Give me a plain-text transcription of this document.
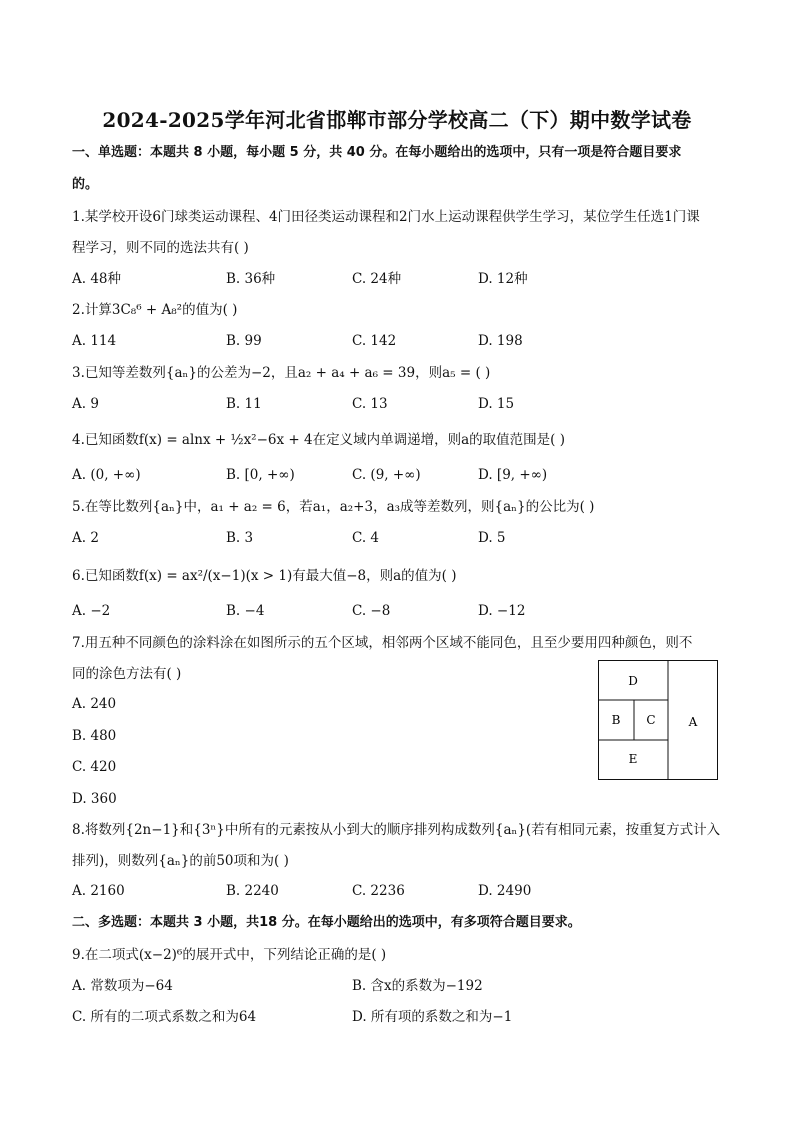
2024-2025学年河北省邯郸市部分学校高二（下）期中数学试卷
一、单选题：本题共 8 小题，每小题 5 分，共 40 分。在每小题给出的选项中，只有一项是符合题目要求
的。
1.某学校开设6门球类运动课程、4门田径类运动课程和2门水上运动课程供学生学习，某位学生任选1门课
程学习，则不同的选法共有( )
A. 48种	B. 36种	C. 24种	D. 12种
2.计算3C₈⁶ + A₈²的值为( )
A. 114	B. 99	C. 142	D. 198
3.已知等差数列{aₙ}的公差为−2，且a₂ + a₄ + a₆ = 39，则a₅ = ( )
A. 9	B. 11	C. 13	D. 15
4.已知函数f(x) = alnx + ½x²−6x + 4在定义域内单调递增，则a的取值范围是( )
A. (0, +∞)	B. [0, +∞)	C. (9, +∞)	D. [9, +∞)
5.在等比数列{aₙ}中，a₁ + a₂ = 6，若a₁，a₂+3，a₃成等差数列，则{aₙ}的公比为( )
A. 2	B. 3	C. 4	D. 5
6.已知函数f(x) = ax²/(x−1)(x > 1)有最大值−8，则a的值为( )
A. −2	B. −4	C. −8	D. −12
7.用五种不同颜色的涂料涂在如图所示的五个区域，相邻两个区域不能同色，且至少要用四种颜色，则不
同的涂色方法有( )
A. 240
B. 480
C. 420
D. 360
D
B C
E
A
8.将数列{2n−1}和{3ⁿ}中所有的元素按从小到大的顺序排列构成数列{aₙ}(若有相同元素，按重复方式计入
排列)，则数列{aₙ}的前50项和为( )
A. 2160	B. 2240	C. 2236	D. 2490
二、多选题：本题共 3 小题，共18 分。在每小题给出的选项中，有多项符合题目要求。
9.在二项式(x−2)⁶的展开式中，下列结论正确的是( )
A. 常数项为−64	B. 含x的系数为−192
C. 所有的二项式系数之和为64	D. 所有项的系数之和为−1
